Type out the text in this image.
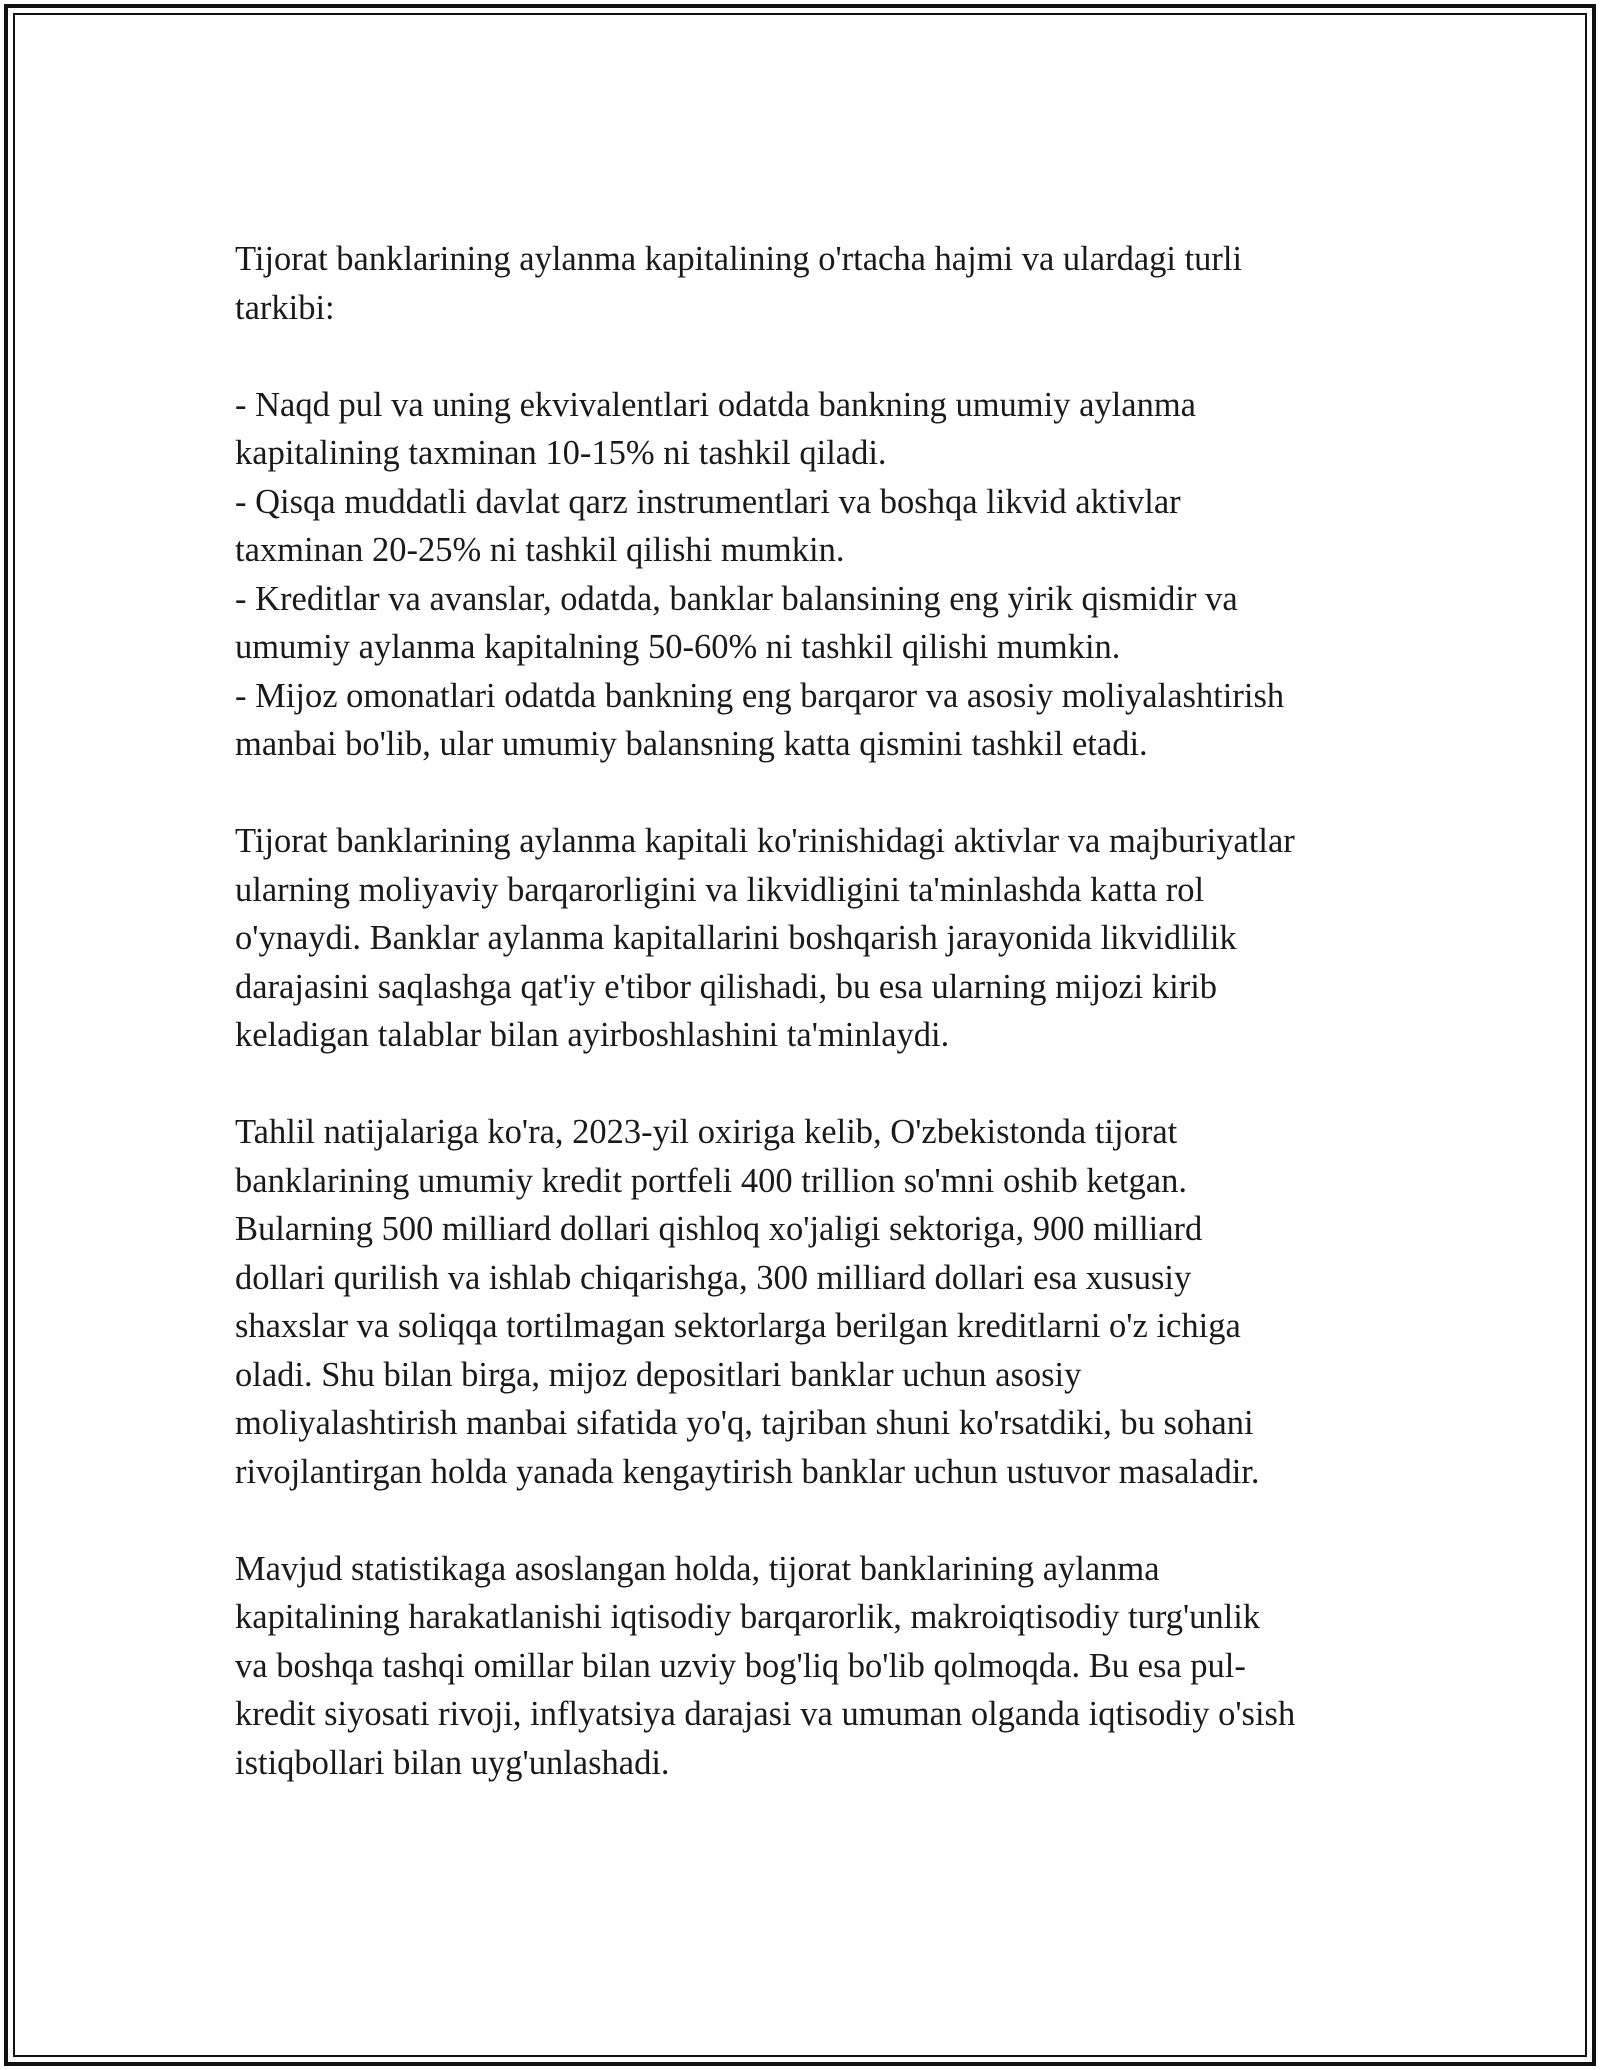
Tijorat banklarining aylanma kapitalining o'rtacha hajmi va ulardagi turli
tarkibi:

- Naqd pul va uning ekvivalentlari odatda bankning umumiy aylanma
kapitalining taxminan 10-15% ni tashkil qiladi.
- Qisqa muddatli davlat qarz instrumentlari va boshqa likvid aktivlar
taxminan 20-25% ni tashkil qilishi mumkin.
- Kreditlar va avanslar, odatda, banklar balansining eng yirik qismidir va
umumiy aylanma kapitalning 50-60% ni tashkil qilishi mumkin.
- Mijoz omonatlari odatda bankning eng barqaror va asosiy moliyalashtirish
manbai bo'lib, ular umumiy balansning katta qismini tashkil etadi.

Tijorat banklarining aylanma kapitali ko'rinishidagi aktivlar va majburiyatlar
ularning moliyaviy barqarorligini va likvidligini ta'minlashda katta rol
o'ynaydi. Banklar aylanma kapitallarini boshqarish jarayonida likvidlilik
darajasini saqlashga qat'iy e'tibor qilishadi, bu esa ularning mijozi kirib
keladigan talablar bilan ayirboshlashini ta'minlaydi.

Tahlil natijalariga ko'ra, 2023-yil oxiriga kelib, O'zbekistonda tijorat
banklarining umumiy kredit portfeli 400 trillion so'mni oshib ketgan.
Bularning 500 milliard dollari qishloq xo'jaligi sektoriga, 900 milliard
dollari qurilish va ishlab chiqarishga, 300 milliard dollari esa xususiy
shaxslar va soliqqa tortilmagan sektorlarga berilgan kreditlarni o'z ichiga
oladi. Shu bilan birga, mijoz depositlari banklar uchun asosiy
moliyalashtirish manbai sifatida yo'q, tajriban shuni ko'rsatdiki, bu sohani
rivojlantirgan holda yanada kengaytirish banklar uchun ustuvor masaladir.

Mavjud statistikaga asoslangan holda, tijorat banklarining aylanma
kapitalining harakatlanishi iqtisodiy barqarorlik, makroiqtisodiy turg'unlik
va boshqa tashqi omillar bilan uzviy bog'liq bo'lib qolmoqda. Bu esa pul-
kredit siyosati rivoji, inflyatsiya darajasi va umuman olganda iqtisodiy o'sish
istiqbollari bilan uyg'unlashadi.
